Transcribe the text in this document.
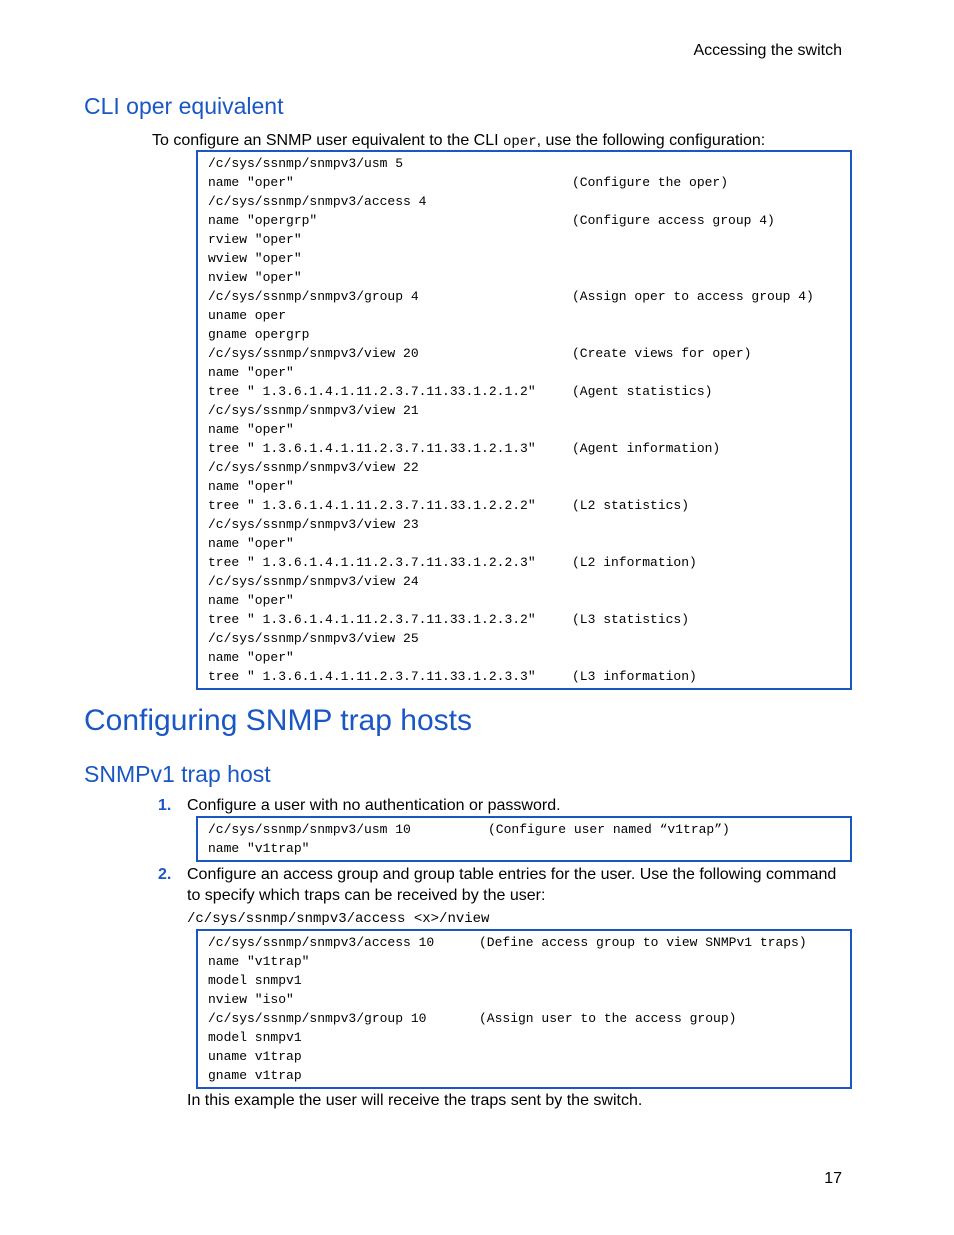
Accessing the switch
CLI oper equivalent
To configure an SNMP user equivalent to the CLI oper, use the following configuration:
/c/sys/ssnmp/snmpv3/usm 5
name "oper"	(Configure the oper)
/c/sys/ssnmp/snmpv3/access 4
name "opergrp"	(Configure access group 4)
rview "oper"
wview "oper"
nview "oper"
/c/sys/ssnmp/snmpv3/group 4	(Assign oper to access group 4)
uname oper
gname opergrp
/c/sys/ssnmp/snmpv3/view 20	(Create views for oper)
name "oper"
tree " 1.3.6.1.4.1.11.2.3.7.11.33.1.2.1.2"	(Agent statistics)
/c/sys/ssnmp/snmpv3/view 21
name "oper"
tree " 1.3.6.1.4.1.11.2.3.7.11.33.1.2.1.3"	(Agent information)
/c/sys/ssnmp/snmpv3/view 22
name "oper"
tree " 1.3.6.1.4.1.11.2.3.7.11.33.1.2.2.2"	(L2 statistics)
/c/sys/ssnmp/snmpv3/view 23
name "oper"
tree " 1.3.6.1.4.1.11.2.3.7.11.33.1.2.2.3"	(L2 information)
/c/sys/ssnmp/snmpv3/view 24
name "oper"
tree " 1.3.6.1.4.1.11.2.3.7.11.33.1.2.3.2"	(L3 statistics)
/c/sys/ssnmp/snmpv3/view 25
name "oper"
tree " 1.3.6.1.4.1.11.2.3.7.11.33.1.2.3.3"	(L3 information)
Configuring SNMP trap hosts
SNMPv1 trap host
1. Configure a user with no authentication or password.
/c/sys/ssnmp/snmpv3/usm 10	(Configure user named “v1trap”)
name "v1trap"
2. Configure an access group and group table entries for the user. Use the following command to specify which traps can be received by the user:
/c/sys/ssnmp/snmpv3/access <x>/nview
/c/sys/ssnmp/snmpv3/access 10	(Define access group to view SNMPv1 traps)
name "v1trap"
model snmpv1
nview "iso"
/c/sys/ssnmp/snmpv3/group 10	(Assign user to the access group)
model snmpv1
uname v1trap
gname v1trap
In this example the user will receive the traps sent by the switch.
17
